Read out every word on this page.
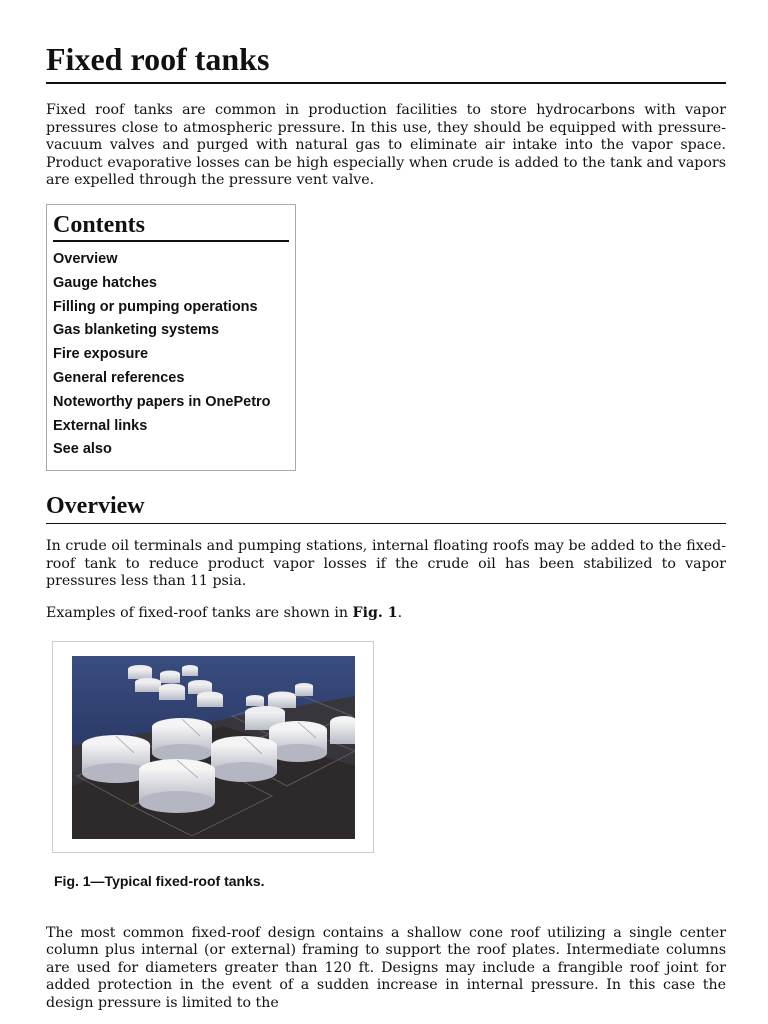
Fixed roof tanks

Fixed roof tanks are common in production facilities to store hydrocarbons with vapor pressures close to atmospheric pressure. In this use, they should be equipped with pressure-vacuum valves and purged with natural gas to eliminate air intake into the vapor space. Product evaporative losses can be high especially when crude is added to the tank and vapors are expelled through the pressure vent valve.

Contents
Overview
Gauge hatches
Filling or pumping operations
Gas blanketing systems
Fire exposure
General references
Noteworthy papers in OnePetro
External links
See also
Overview

In crude oil terminals and pumping stations, internal floating roofs may be added to the fixed-roof tank to reduce product vapor losses if the crude oil has been stabilized to vapor pressures less than 11 psia.

Examples of fixed-roof tanks are shown in Fig. 1.

Fig. 1—Typical fixed-roof tanks.

The most common fixed-roof design contains a shallow cone roof utilizing a single center column plus internal (or external) framing to support the roof plates. Intermediate columns are used for diameters greater than 120 ft. Designs may include a frangible roof joint for added protection in the event of a sudden increase in internal pressure. In this case the design pressure is limited to the
